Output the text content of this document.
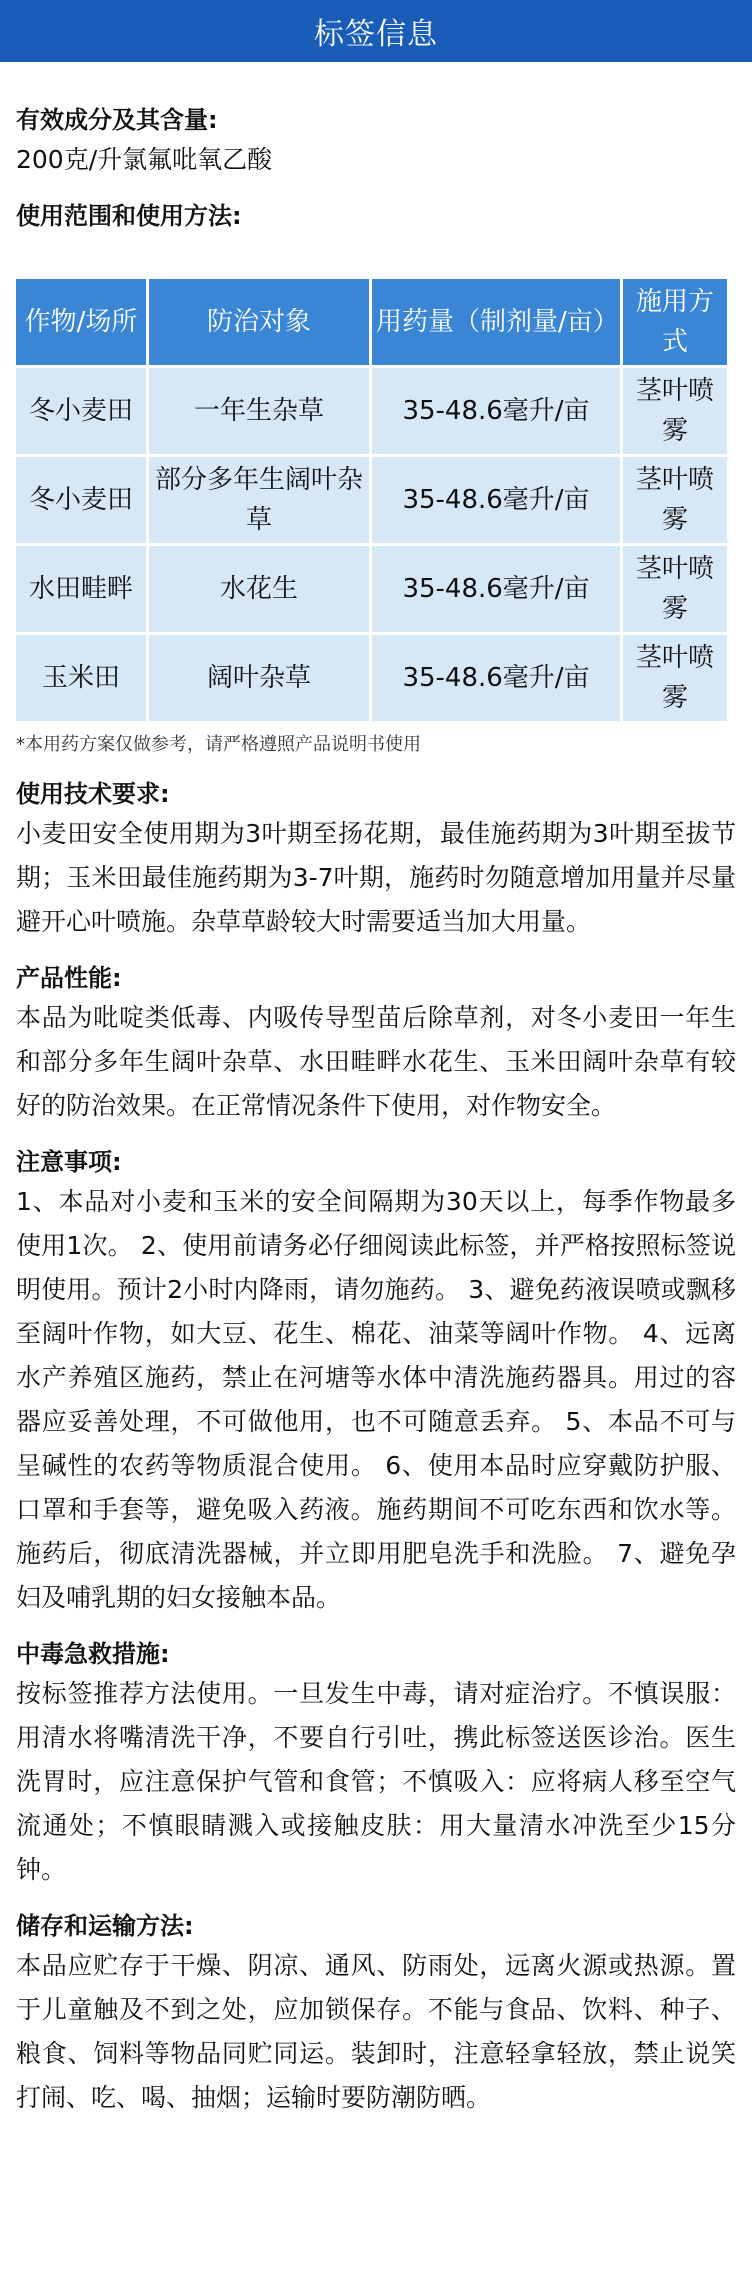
标签信息

有效成分及其含量:

200克/升氯氟吡氧乙酸

使用范围和使用方法:

作物/场所	防治对象	用药量（制剂量/亩）	施用方式
冬小麦田	一年生杂草	35-48.6毫升/亩	茎叶喷雾
冬小麦田	部分多年生阔叶杂草	35-48.6毫升/亩	茎叶喷雾
水田畦畔	水花生	35-48.6毫升/亩	茎叶喷雾
玉米田	阔叶杂草	35-48.6毫升/亩	茎叶喷雾
*本用药方案仅做参考，请严格遵照产品说明书使用

使用技术要求:

小麦田安全使用期为3叶期至扬花期，最佳施药期为3叶期至拔节期；玉米田最佳施药期为3-7叶期，施药时勿随意增加用量并尽量避开心叶喷施。杂草草龄较大时需要适当加大用量。

产品性能:

本品为吡啶类低毒、内吸传导型苗后除草剂，对冬小麦田一年生和部分多年生阔叶杂草、水田畦畔水花生、玉米田阔叶杂草有较好的防治效果。在正常情况条件下使用，对作物安全。

注意事项:

1、本品对小麦和玉米的安全间隔期为30天以上，每季作物最多使用1次。 2、使用前请务必仔细阅读此标签，并严格按照标签说明使用。预计2小时内降雨，请勿施药。 3、避免药液误喷或飘移至阔叶作物，如大豆、花生、棉花、油菜等阔叶作物。 4、远离水产养殖区施药，禁止在河塘等水体中清洗施药器具。用过的容器应妥善处理，不可做他用，也不可随意丢弃。 5、本品不可与呈碱性的农药等物质混合使用。 6、使用本品时应穿戴防护服、口罩和手套等，避免吸入药液。施药期间不可吃东西和饮水等。施药后，彻底清洗器械，并立即用肥皂洗手和洗脸。 7、避免孕妇及哺乳期的妇女接触本品。

中毒急救措施:

按标签推荐方法使用。一旦发生中毒，请对症治疗。不慎误服：用清水将嘴清洗干净，不要自行引吐，携此标签送医诊治。医生洗胃时，应注意保护气管和食管；不慎吸入：应将病人移至空气流通处；不慎眼睛溅入或接触皮肤：用大量清水冲洗至少15分钟。

储存和运输方法:

本品应贮存于干燥、阴凉、通风、防雨处，远离火源或热源。置于儿童触及不到之处，应加锁保存。不能与食品、饮料、种子、粮食、饲料等物品同贮同运。装卸时，注意轻拿轻放，禁止说笑打闹、吃、喝、抽烟；运输时要防潮防晒。
